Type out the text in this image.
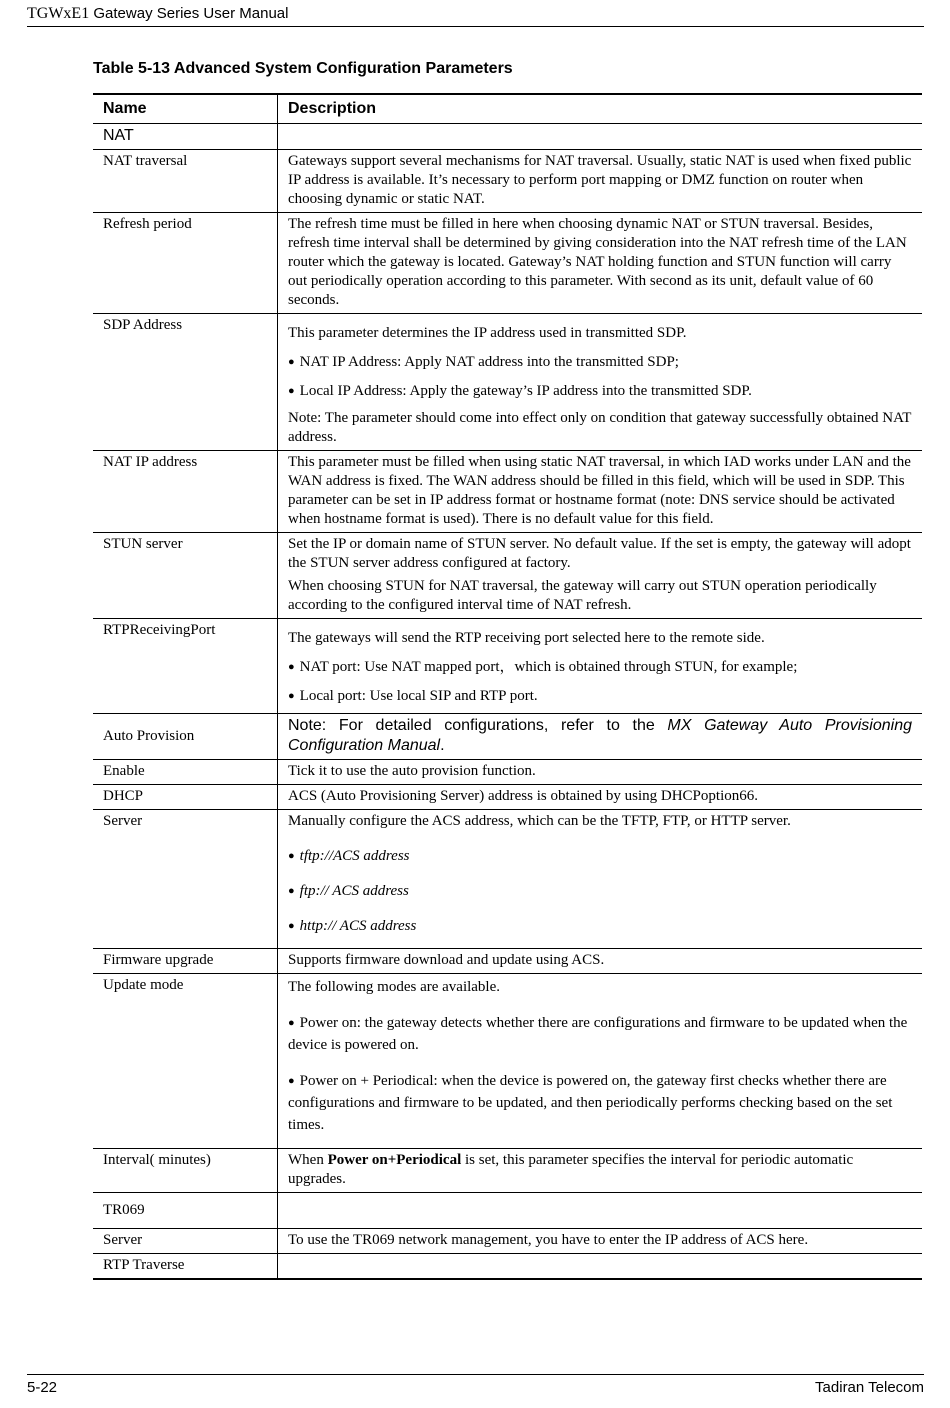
TGWxE1 Gateway Series User Manual
Table 5-13 Advanced System Configuration Parameters
Name	Description
NAT	
NAT traversal	Gateways support several mechanisms for NAT traversal. Usually, static NAT is used when fixed public IP address is available. It’s necessary to perform port mapping or DMZ function on router when choosing dynamic or static NAT.
Refresh period	The refresh time must be filled in here when choosing dynamic NAT or STUN traversal. Besides, refresh time interval shall be determined by giving consideration into the NAT refresh time of the LAN router which the gateway is located. Gateway’s NAT holding function and STUN function will carry out periodically operation according to this parameter. With second as its unit, default value of 60 seconds.
SDP Address	This parameter determines the IP address used in transmitted SDP.

● NAT IP Address: Apply NAT address into the transmitted SDP;

● Local IP Address: Apply the gateway’s IP address into the transmitted SDP.

Note: The parameter should come into effect only on condition that gateway successfully obtained NAT address.

NAT IP address	This parameter must be filled when using static NAT traversal, in which IAD works under LAN and the WAN address is fixed. The WAN address should be filled in this field, which will be used in SDP. This parameter can be set in IP address format or hostname format (note: DNS service should be activated when hostname format is used). There is no default value for this field.
STUN server	Set the IP or domain name of STUN server. No default value. If the set is empty, the gateway will adopt the STUN server address configured at factory.

When choosing STUN for NAT traversal, the gateway will carry out STUN operation periodically according to the configured interval time of NAT refresh.

RTPReceivingPort	The gateways will send the RTP receiving port selected here to the remote side.

● NAT port: Use NAT mapped port，which is obtained through STUN, for example;

● Local port: Use local SIP and RTP port.

Auto Provision	Note: For detailed configurations, refer to the MX Gateway Auto Provisioning Configuration Manual.
Enable	Tick it to use the auto provision function.
DHCP	ACS (Auto Provisioning Server) address is obtained by using DHCPoption66.
Server	Manually configure the ACS address, which can be the TFTP, FTP, or HTTP server.

● tftp://ACS address

● ftp:// ACS address

● http:// ACS address

Firmware upgrade	Supports firmware download and update using ACS.
Update mode	The following modes are available.

● Power on: the gateway detects whether there are configurations and firmware to be updated when the device is powered on.

● Power on + Periodical: when the device is powered on, the gateway first checks whether there are configurations and firmware to be updated, and then periodically performs checking based on the set times.

Interval( minutes)	When Power on+Periodical is set, this parameter specifies the interval for periodic automatic upgrades.
TR069	
Server	To use the TR069 network management, you have to enter the IP address of ACS here.
RTP Traverse	
5-22	Tadiran Telecom
